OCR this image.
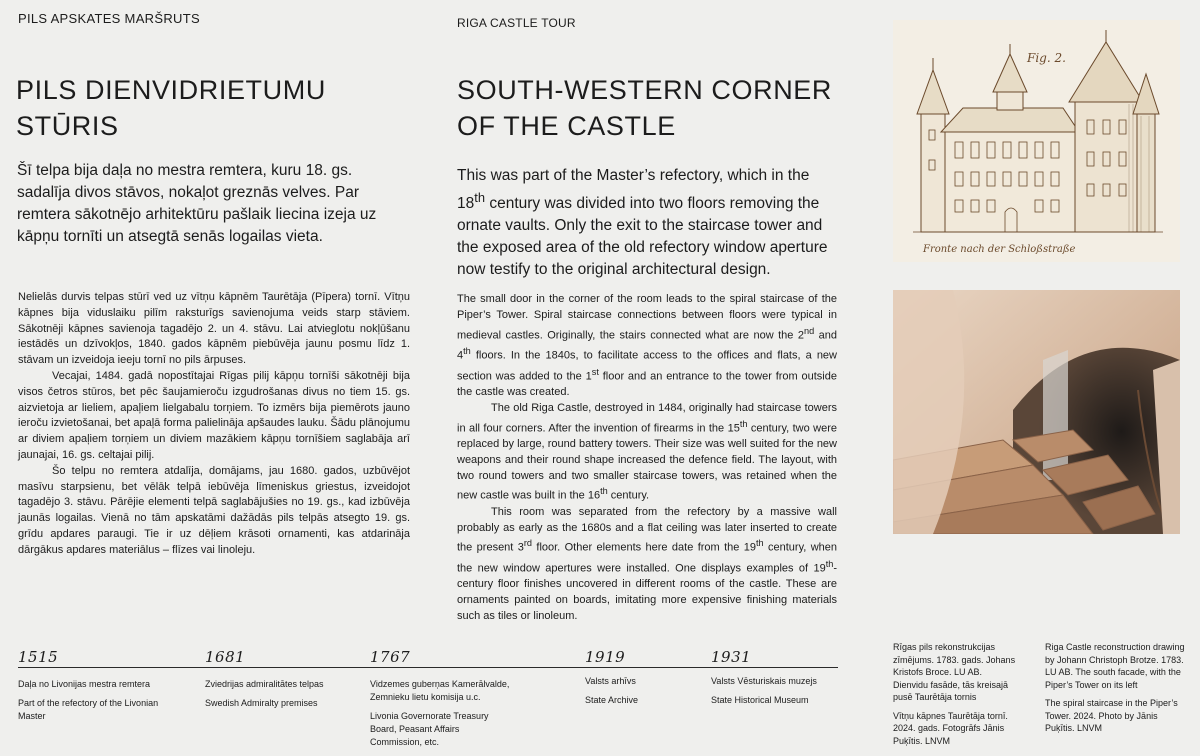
PILS APSKATES MARŠRUTS	RIGA CASTLE TOUR
PILS DIENVIDRIETUMU
STŪRIS
SOUTH-WESTERN CORNER
OF THE CASTLE

Šī telpa bija daļa no mestra remtera, kuru 18. gs. sadalīja divos stāvos, nokaļot greznās velves. Par remtera sākotnējo arhitektūru pašlaik liecina izeja uz kāpņu tornīti un atsegtā senās logailas vieta.

This was part of the Master’s refectory, which in the 18th century was divided into two floors removing the ornate vaults. Only the exit to the staircase tower and the exposed area of the old refectory window aperture now testify to the original architectural design.

Nelielās durvis telpas stūrī ved uz vītņu kāpnēm Taurētāja (Pīpera) tornī. Vītņu kāpnes bija viduslaiku pilīm raksturīgs savienojuma veids starp stāviem. Sākotnēji kāpnes savienoja tagadējo 2. un 4. stāvu. Lai atvieglotu nokļūšanu iestādēs un dzīvokļos, 1840. gados kāpnēm piebūvēja jaunu posmu līdz 1. stāvam un izveidoja ieeju tornī no pils ārpuses.

Vecajai, 1484. gadā nopostītajai Rīgas pilij kāpņu tornīši sākotnēji bija visos četros stūros, bet pēc šaujamieroču izgudrošanas divus no tiem 15. gs. aizvietoja ar lieliem, apaļiem lielgabalu torņiem. To izmērs bija piemērots jauno ieroču izvietošanai, bet apaļā forma palielināja apšaudes lauku. Šādu plānojumu ar diviem apaļiem torņiem un diviem mazākiem kāpņu tornīšiem saglabāja arī jaunajai, 16. gs. celtajai pilij.

Šo telpu no remtera atdalīja, domājams, jau 1680. gados, uzbūvējot masīvu starpsienu, bet vēlāk telpā iebūvēja līmeniskus griestus, izveidojot tagadējo 3. stāvu. Pārējie elementi telpā saglabājušies no 19. gs., kad izbūvēja jaunās logailas. Vienā no tām apskatāmi dažādās pils telpās atsegto 19. gs. grīdu apdares paraugi. Tie ir uz dēļiem krāsoti ornamenti, kas atdarināja dārgākus apdares materiālus – flīzes vai linoleju.

The small door in the corner of the room leads to the spiral staircase of the Piper’s Tower. Spiral staircase connections between floors were typical in medieval castles. Originally, the stairs connected what are now the 2nd and 4th floors. In the 1840s, to facilitate access to the offices and flats, a new section was added to the 1st floor and an entrance to the tower from outside the castle was created.

The old Riga Castle, destroyed in 1484, originally had staircase towers in all four corners. After the invention of firearms in the 15th century, two were replaced by large, round battery towers. Their size was well suited for the new weapons and their round shape increased the defence field. The layout, with two round towers and two smaller staircase towers, was retained when the new castle was built in the 16th century.

This room was separated from the refectory by a massive wall probably as early as the 1680s and a flat ceiling was later inserted to create the present 3rd floor. Other elements here date from the 19th century, when the new window apertures were installed. One displays examples of 19th-century floor finishes uncovered in different rooms of the castle. These are ornaments painted on boards, imitating more expensive finishing materials such as tiles or linoleum.

1515
Daļa no Livonijas mestra remtera
Part of the refectory of the Livonian Master
1681
Zviedrijas admiralitātes telpas
Swedish Admiralty premises
1767
Vidzemes guberņas Kamerālvalde, Zemnieku lietu komisija u.c.
Livonia Governorate Treasury Board, Peasant Affairs Commission, etc.
1919
Valsts arhīvs
State Archive
1931
Valsts Vēsturiskais muzejs
State Historical Museum
Fig. 2.
Fronte nach der Schloßstraße
Rīgas pils rekonstrukcijas zīmējums. 1783. gads. Johans Kristofs Broce. LU AB. Dienvidu fasāde, tās kreisajā pusē Taurētāja tornis
Vītņu kāpnes Taurētāja tornī. 2024. gads. Fotogrāfs Jānis Puķītis. LNVM
Riga Castle reconstruction drawing by Johann Christoph Brotze. 1783. LU AB. The south facade, with the Piper’s Tower on its left
The spiral staircase in the Piper’s Tower. 2024. Photo by Jānis Puķītis. LNVM
